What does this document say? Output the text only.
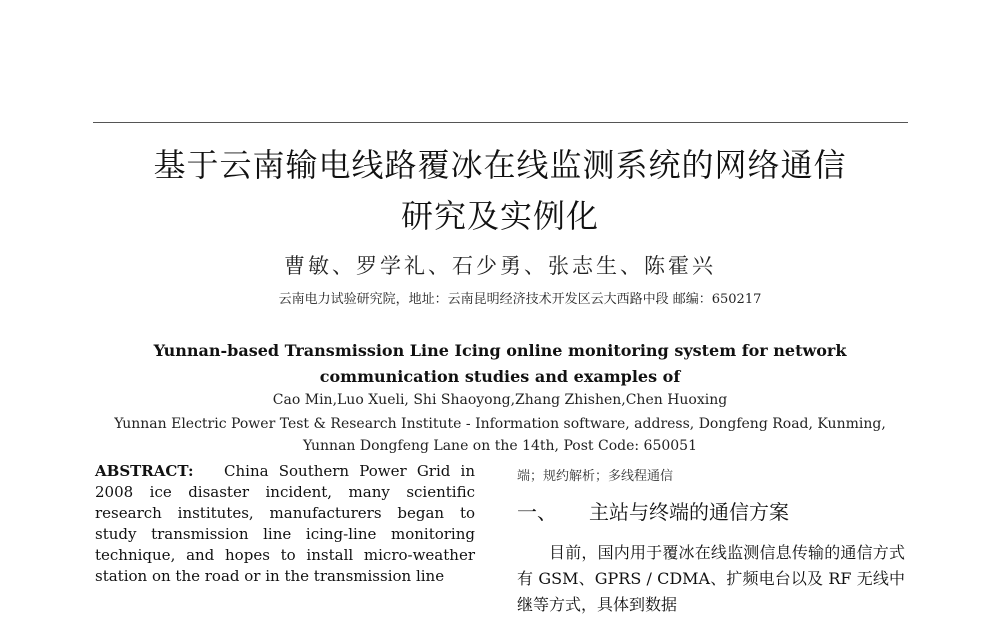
基于云南输电线路覆冰在线监测系统的网络通信
研究及实例化
曹敏、罗学礼、石少勇、张志生、陈霍兴
云南电力试验研究院，地址：云南昆明经济技术开发区云大西路中段 邮编：650217
Yunnan-based Transmission Line Icing online monitoring system for network
communication studies and examples of
Cao Min,Luo Xueli, Shi Shaoyong,Zhang Zhishen,Chen Huoxing
Yunnan Electric Power Test & Research Institute - Information software, address, Dongfeng Road, Kunming,
Yunnan Dongfeng Lane on the 14th, Post Code: 650051

ABSTRACT: China Southern Power Grid in 2008 ice disaster incident, many scientific research institutes, manufacturers began to study transmission line icing-line monitoring technique, and hopes to install micro-weather station on the road or in the transmission line

端；规约解析；多线程通信
一、 主站与终端的通信方案

目前，国内用于覆冰在线监测信息传输的通信方式有 GSM、GPRS / CDMA、扩频电台以及 RF 无线中继等方式，具体到数据
